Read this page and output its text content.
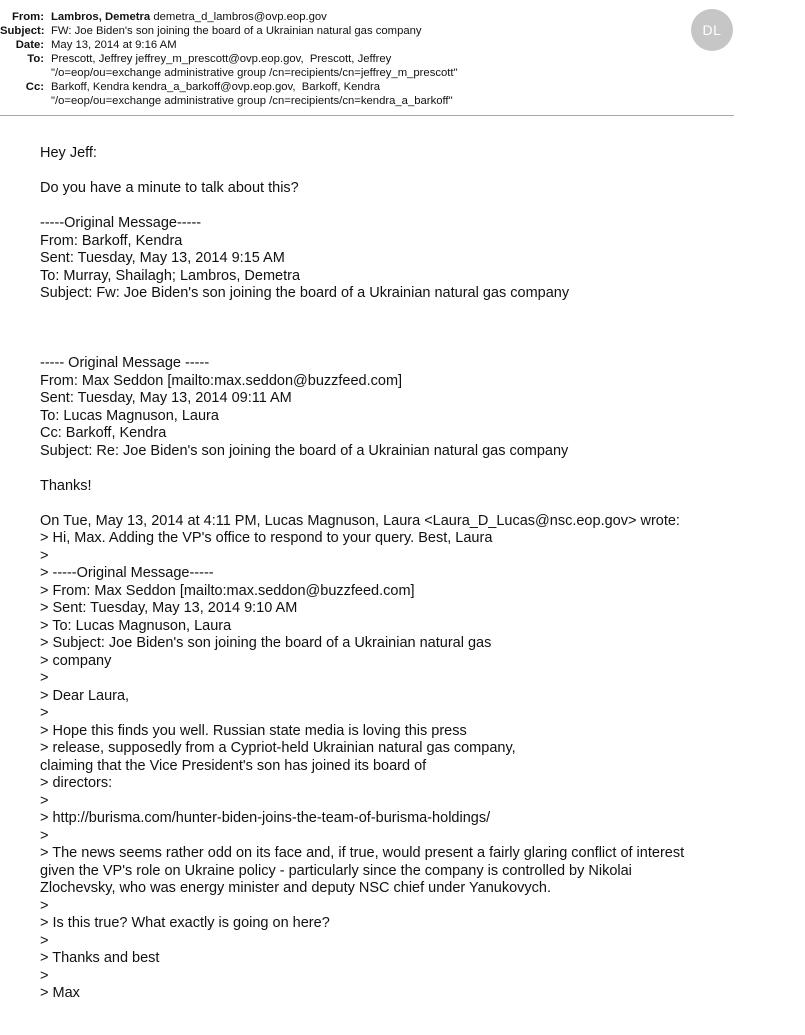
From: Lambros, Demetra demetra_d_lambros@ovp.eop.gov
Subject: FW: Joe Biden's son joining the board of a Ukrainian natural gas company
Date: May 13, 2014 at 9:16 AM
To: Prescott, Jeffrey jeffrey_m_prescott@ovp.eop.gov,  Prescott, Jeffrey
"/o=eop/ou=exchange administrative group /cn=recipients/cn=jeffrey_m_prescott"
Cc: Barkoff, Kendra kendra_a_barkoff@ovp.eop.gov,  Barkoff, Kendra
"/o=eop/ou=exchange administrative group /cn=recipients/cn=kendra_a_barkoff"
DL
Hey Jeff:
Do you have a minute to talk about this?
-----Original Message-----
From: Barkoff, Kendra
Sent: Tuesday, May 13, 2014 9:15 AM
To: Murray, Shailagh; Lambros, Demetra
Subject: Fw: Joe Biden's son joining the board of a Ukrainian natural gas company
----- Original Message -----
From: Max Seddon [mailto:max.seddon@buzzfeed.com]
Sent: Tuesday, May 13, 2014 09:11 AM
To: Lucas Magnuson, Laura
Cc: Barkoff, Kendra
Subject: Re: Joe Biden's son joining the board of a Ukrainian natural gas company
Thanks!
On Tue, May 13, 2014 at 4:11 PM, Lucas Magnuson, Laura <Laura_D_Lucas@nsc.eop.gov> wrote:
> Hi, Max. Adding the VP's office to respond to your query. Best, Laura
>
> -----Original Message-----
> From: Max Seddon [mailto:max.seddon@buzzfeed.com]
> Sent: Tuesday, May 13, 2014 9:10 AM
> To: Lucas Magnuson, Laura
> Subject: Joe Biden's son joining the board of a Ukrainian natural gas
> company
>
> Dear Laura,
>
> Hope this finds you well. Russian state media is loving this press
> release, supposedly from a Cypriot-held Ukrainian natural gas company,
claiming that the Vice President's son has joined its board of
> directors:
>
> http://burisma.com/hunter-biden-joins-the-team-of-burisma-holdings/
>
> The news seems rather odd on its face and, if true, would present a fairly glaring conflict of interest
given the VP's role on Ukraine policy - particularly since the company is controlled by Nikolai
Zlochevsky, who was energy minister and deputy NSC chief under Yanukovych.
>
> Is this true? What exactly is going on here?
>
> Thanks and best
>
> Max
